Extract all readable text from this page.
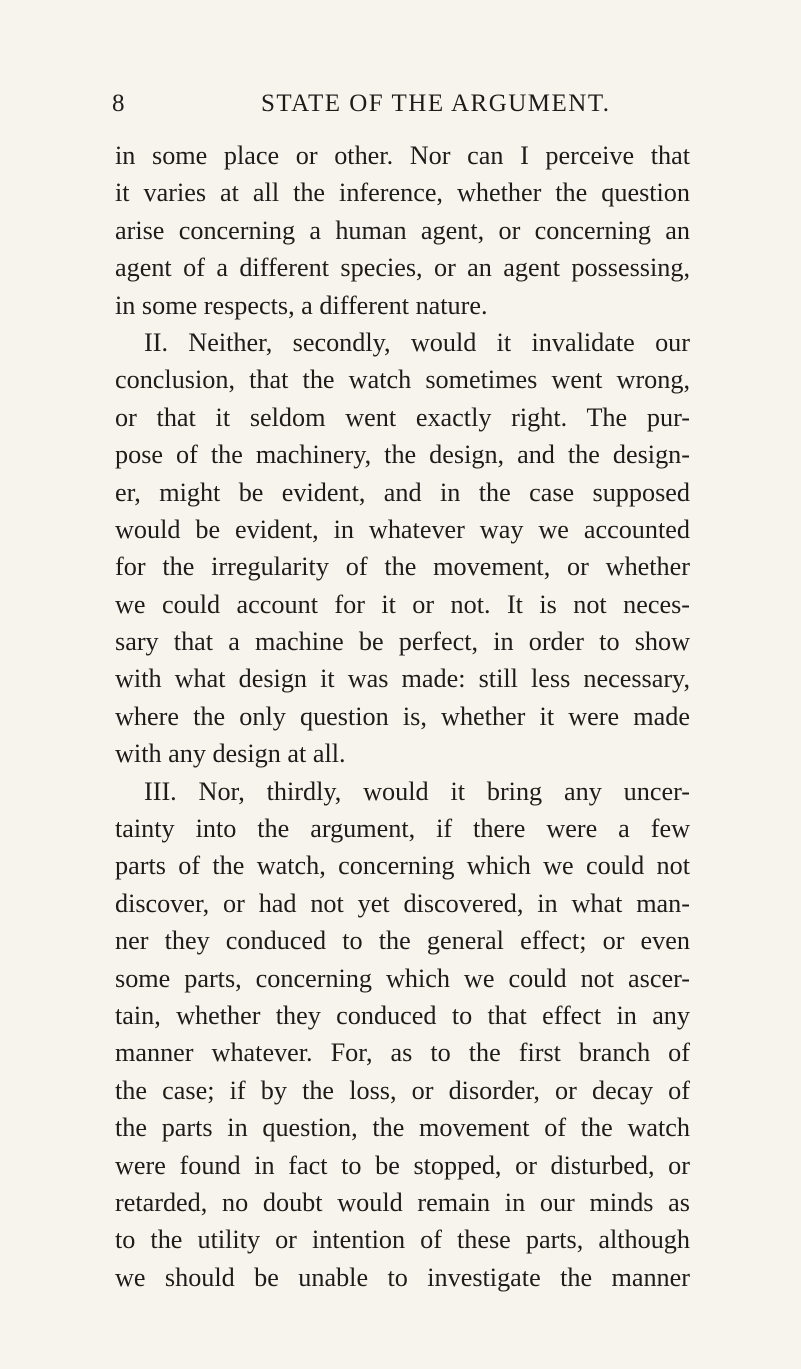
8	STATE OF THE ARGUMENT.
in some place or other. Nor can I perceive that
it varies at all the inference, whether the question
arise concerning a human agent, or concerning an
agent of a different species, or an agent possessing,
in some respects, a different nature.
II. Neither, secondly, would it invalidate our
conclusion, that the watch sometimes went wrong,
or that it seldom went exactly right. The pur-
pose of the machinery, the design, and the design-
er, might be evident, and in the case supposed
would be evident, in whatever way we accounted
for the irregularity of the movement, or whether
we could account for it or not. It is not neces-
sary that a machine be perfect, in order to show
with what design it was made: still less necessary,
where the only question is, whether it were made
with any design at all.
III. Nor, thirdly, would it bring any uncer-
tainty into the argument, if there were a few
parts of the watch, concerning which we could not
discover, or had not yet discovered, in what man-
ner they conduced to the general effect; or even
some parts, concerning which we could not ascer-
tain, whether they conduced to that effect in any
manner whatever. For, as to the first branch of
the case; if by the loss, or disorder, or decay of
the parts in question, the movement of the watch
were found in fact to be stopped, or disturbed, or
retarded, no doubt would remain in our minds as
to the utility or intention of these parts, although
we should be unable to investigate the manner
